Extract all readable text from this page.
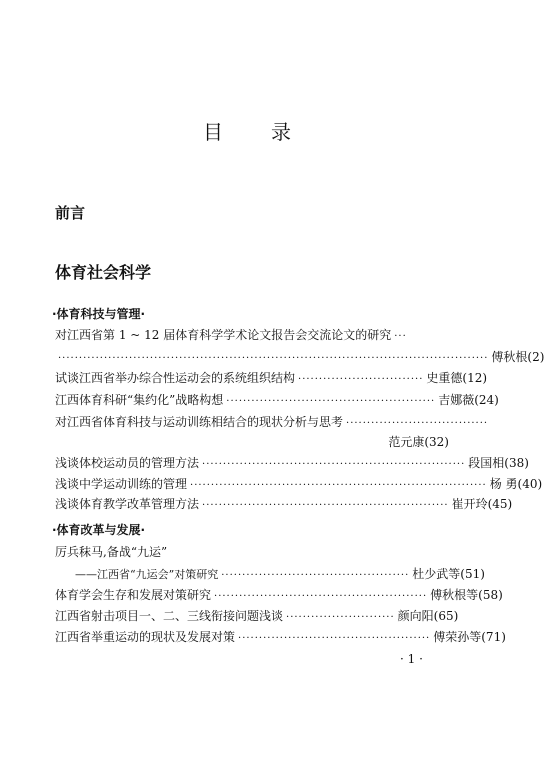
目 录
前言
体育社会科学
·体育科技与管理·
对江西省第 1 ~ 12 届体育科学学术论文报告会交流论文的研究 ···
······································································································· 傅秋根(2)
试谈江西省举办综合性运动会的系统组织结构 ······························ 史重德(12)
江西体育科研“集约化”战略构想 ·················································· 吉娜薇(24)
对江西省体育科技与运动训练相结合的现状分析与思考 ··································
范元康(32)
浅谈体校运动员的管理方法 ······························································· 段国相(38)
浅谈中学运动训练的管理 ······································································· 杨 勇(40)
浅谈体育教学改革管理方法 ··························································· 崔开玲(45)
·体育改革与发展·
厉兵秣马,备战“九运”
——江西省“九运会”对策研究 ············································· 杜少武等(51)
体育学会生存和发展对策研究 ··················································· 傅秋根等(58)
江西省射击项目一、二、三线衔接问题浅谈 ·························· 颜向阳(65)
江西省举重运动的现状及发展对策 ·············································· 傅荣孙等(71)
· 1 ·
